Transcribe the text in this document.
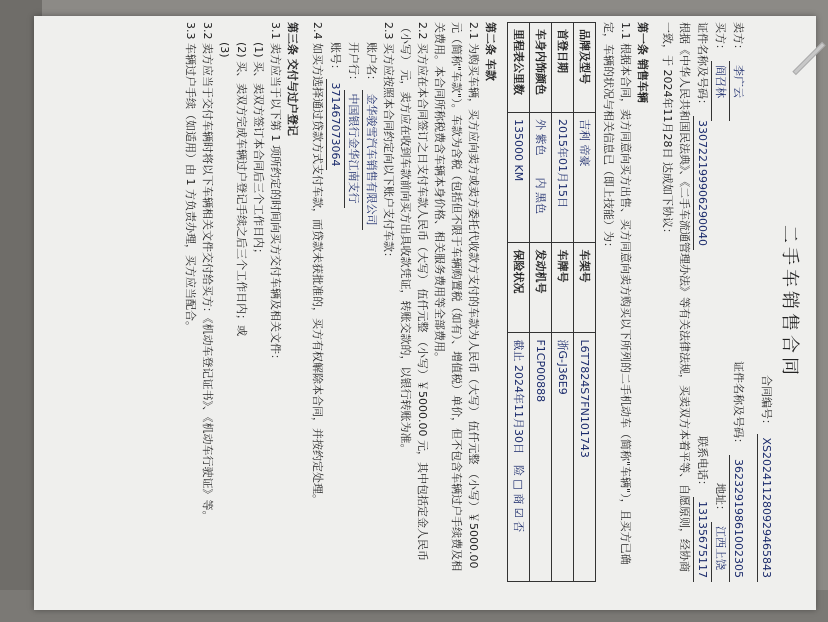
二手车销售合同
合同编号： XS202411280929465843
卖方：
李广云
证件名称及号码：
36232919861002305
买方：
阎召林
地址：
江西上饶
证件名称及号码：
330722199906290040
联系电话：
13135675117

根据《中华人民共和国民法典》、《二手车流通管理办法》等有关法律法规，买卖双方本着平等、自愿原则，经协商一致，于 2024年11月28日 达成如下协议：

第一条 销售车辆

1.1 根据本合同，卖方同意向买方出售、买方同意向卖方购买以下所列的二手机动车（简称"车辆"），且买方已确定，车辆的状况与相关信息已（即上技能）为：

品牌及型号	吉利 帝豪	车架号	L6T7824S7FN101743
首登日期	2015年01月15日	车牌号	浙G-J36E9
车身内饰颜色	外 紫色　　内 黑色	发动机号	F1CP00888
里程表公里数	135000 KM	保险状况	截止 2024年11月30日　险 □ 商 ☑ 否

第二条 车款

2.1 为购买车辆，买方应向卖方或卖方委托代收款方支付的车款为人民币（大写） 伍仟元整 （小写）￥5000.00 元（简称"车款"）。车款为含税（包括但不限于车辆购置税（如有）、增值税）单价，但不包含车辆过户手续费及相关费用。本合同所称税费含车辆本身价格、相关服务费用等全部费用。

2.2 买方应在本合同签订之日支付车款人民币（大写） 伍仟元整 （小写）￥5000.00 元，其中包括定金人民币（小写） 元，卖方应在收到车款前向买方出具收款凭证，转账交款的，以银行转账为准。

2.3 买方应按照本合同约定向以下账户支付车款：

账户名： 金华骏雪汽车销售有限公司

开户行： 中国银行金华江南支行

账号： 371467073064

2.4 如买方选择通过贷款方式支付车款，而贷款未获批准的，买方有权解除本合同，并按约定处理。

第三条 交付与过户登记

3.1 卖方应当于以下第 1 项所约定的时间向买方交付车辆及相关文件：

(1) 买、卖双方签订本合同后三个工作日内；

(2) 买、卖双方完成车辆过户登记手续之后三个工作日内；或

(3)

3.2 卖方应当于交付车辆时将以下车辆相关文件交付给买方：《机动车登记证书》、《机动车行驶证》等。

3.3 车辆过户手续（如适用）由 1 方负责办理，买方应当配合。
